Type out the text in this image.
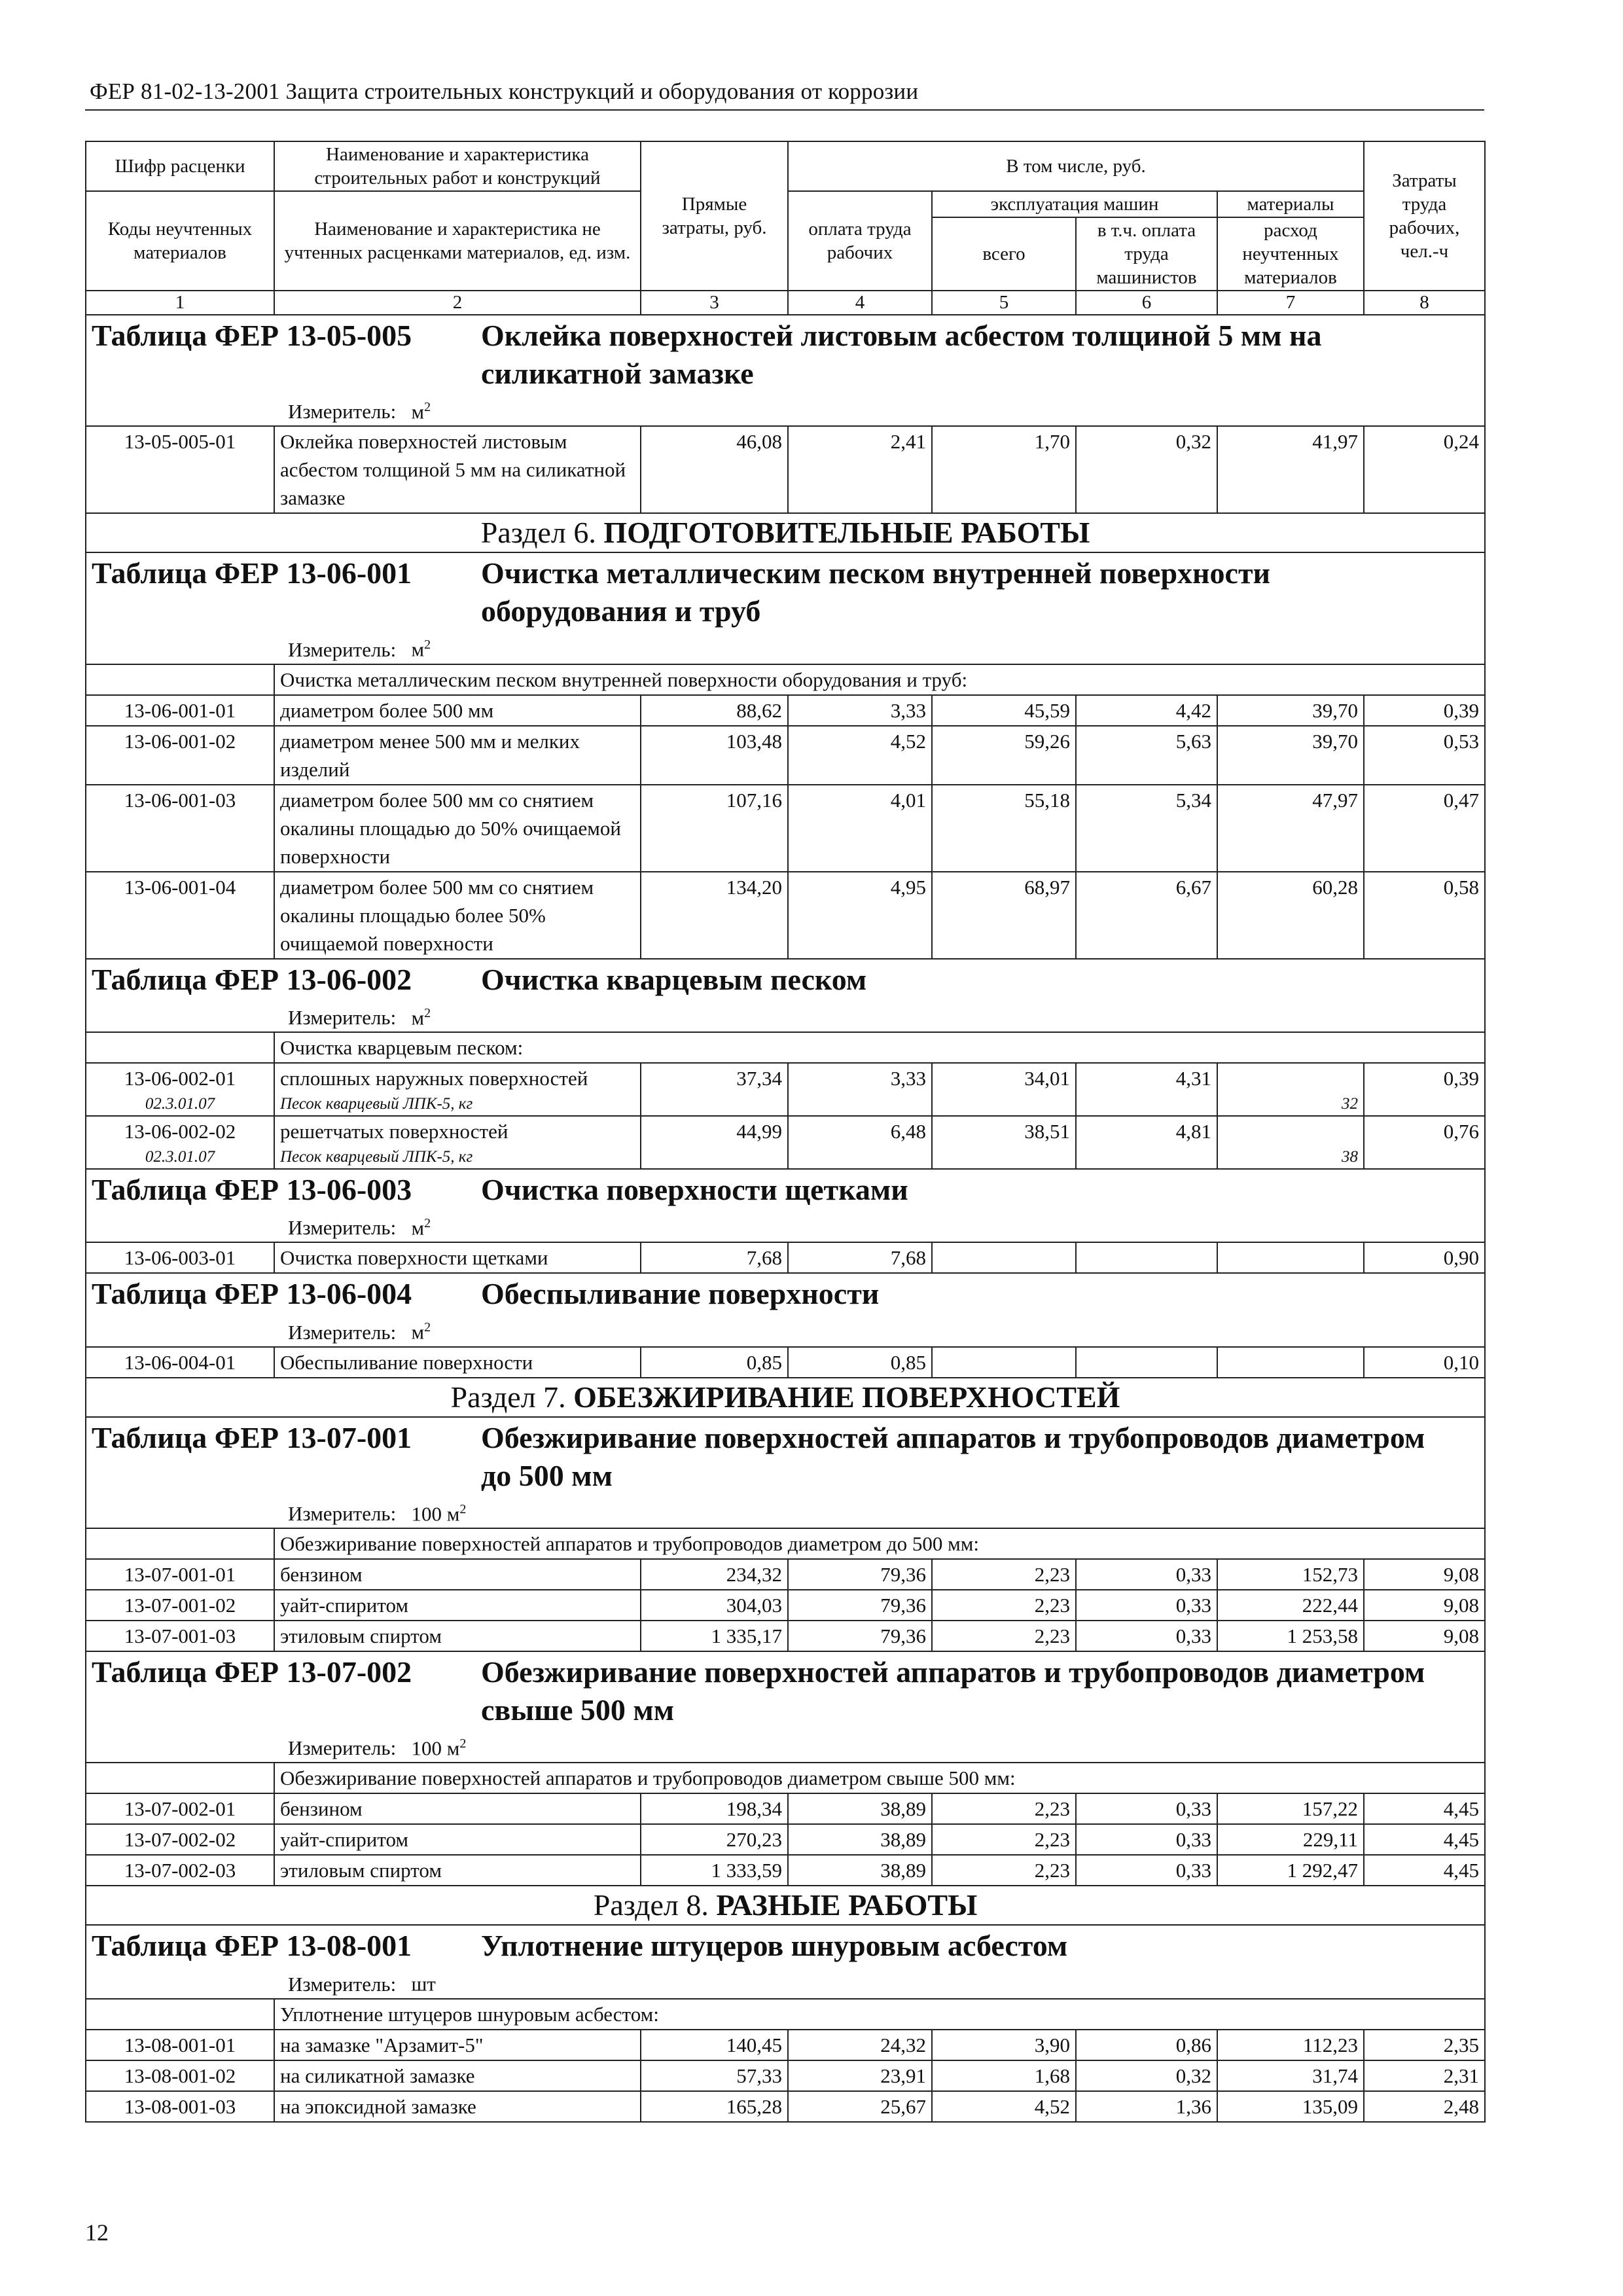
ФЕР 81-02-13-2001 Защита строительных конструкций и оборудования от коррозии
Шифр расценки	Наименование и характеристика строительных работ и конструкций	Прямые затраты, руб.	В том числе, руб.				Затраты труда рабочих, чел.-ч
Коды неучтенных материалов	Наименование и характеристика не учтенных расценками материалов, ед. изм.						
			оплата труда рабочих	эксплуатация машин		материалы	
				всего	в т.ч. оплата труда машинистов	расход неучтенных материалов	
1	2	3	4	5	6	7	8
Таблица ФЕР 13-05-005 Оклейка поверхностей листовым асбестом толщиной 5 мм на силикатной замазке							
Измеритель: $м^2$
13-05-005-01	Оклейка поверхностей листовым асбестом толщиной 5 мм на силикатной замазке	46,08	2,41	1,70	0,32	41,97	0,24
Раздел 6. ПОДГОТОВИТЕЛЬНЫЕ РАБОТЫ							
Таблица ФЕР 13-06-001 Очистка металлическим песком внутренней поверхности оборудования и труб							
Измеритель: $м^2$
	Очистка металлическим песком внутренней поверхности оборудования и труб:						
13-06-001-01	диаметром более 500 мм	88,62	3,33	45,59	4,42	39,70	0,39
13-06-001-02	диаметром менее 500 мм и мелких изделий	103,48	4,52	59,26	5,63	39,70	0,53
13-06-001-03	диаметром более 500 мм со снятием окалины площадью до 50% очищаемой поверхности	107,16	4,01	55,18	5,34	47,97	0,47
13-06-001-04	диаметром более 500 мм со снятием окалины площадью более 50% очищаемой поверхности	134,20	4,95	68,97	6,67	60,28	0,58
Таблица ФЕР 13-06-002 Очистка кварцевым песком							
Измеритель: $м^2$
	Очистка кварцевым песком:						
13-06-002-01	сплошных наружных поверхностей	37,34	3,33	34,01	4,31		0,39
02.3.01.07	Песок кварцевый ЛПК-5, кг					32	
13-06-002-02	решетчатых поверхностей	44,99	6,48	38,51	4,81		0,76
02.3.01.07	Песок кварцевый ЛПК-5, кг					38	
Таблица ФЕР 13-06-003 Очистка поверхности щетками							
Измеритель: $м^2$
13-06-003-01	Очистка поверхности щетками	7,68	7,68				0,90
Таблица ФЕР 13-06-004 Обеспыливание поверхности							
Измеритель: $м^2$
13-06-004-01	Обеспыливание поверхности	0,85	0,85				0,10
Раздел 7. ОБЕЗЖИРИВАНИЕ ПОВЕРХНОСТЕЙ							
Таблица ФЕР 13-07-001 Обезжиривание поверхностей аппаратов и трубопроводов диаметром до 500 мм							
Измеритель: 100 $м^2$
	Обезжиривание поверхностей аппаратов и трубопроводов диаметром до 500 мм:						
13-07-001-01	бензином	234,32	79,36	2,23	0,33	152,73	9,08
13-07-001-02	уайт-спиритом	304,03	79,36	2,23	0,33	222,44	9,08
13-07-001-03	этиловым спиртом	1 335,17	79,36	2,23	0,33	1 253,58	9,08
Таблица ФЕР 13-07-002 Обезжиривание поверхностей аппаратов и трубопроводов диаметром свыше 500 мм							
Измеритель: 100 $м^2$
	Обезжиривание поверхностей аппаратов и трубопроводов диаметром свыше 500 мм:						
13-07-002-01	бензином	198,34	38,89	2,23	0,33	157,22	4,45
13-07-002-02	уайт-спиритом	270,23	38,89	2,23	0,33	229,11	4,45
13-07-002-03	этиловым спиртом	1 333,59	38,89	2,23	0,33	1 292,47	4,45
Раздел 8. РАЗНЫЕ РАБОТЫ							
Таблица ФЕР 13-08-001 Уплотнение штуцеров шнуровым асбестом							
Измеритель: шт							
	Уплотнение штуцеров шнуровым асбестом:						
13-08-001-01	на замазке "Арзамит-5"	140,45	24,32	3,90	0,86	112,23	2,35
13-08-001-02	на силикатной замазке	57,33	23,91	1,68	0,32	31,74	2,31
13-08-001-03	на эпоксидной замазке	165,28	25,67	4,52	1,36	135,09	2,48
12
